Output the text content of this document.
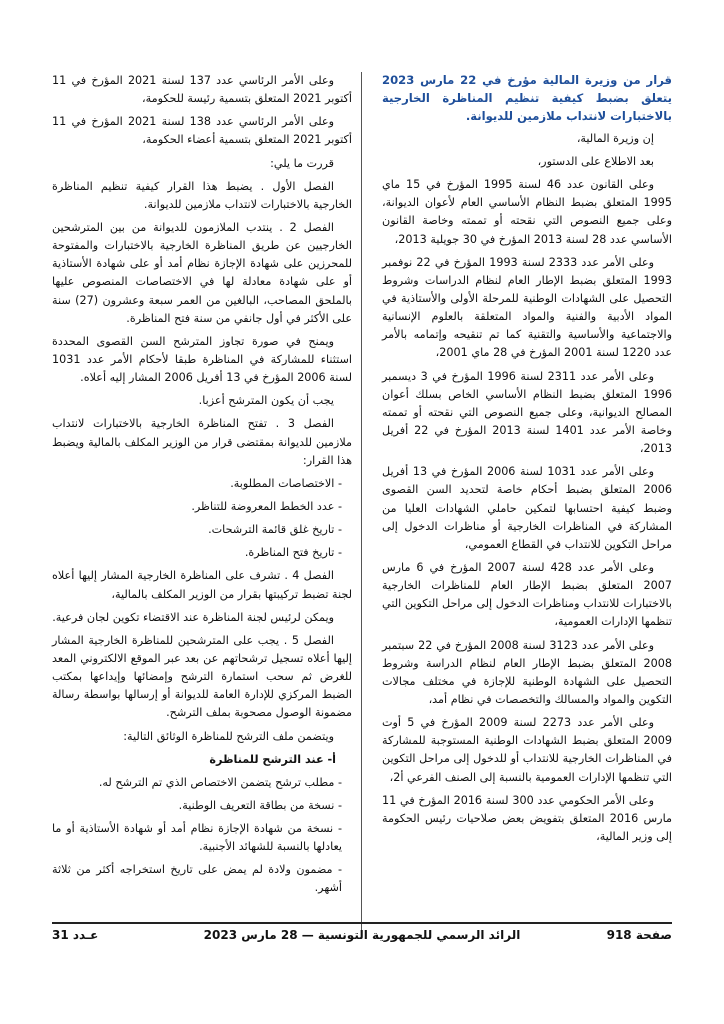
قرار من وزيرة المالية مؤرخ في 22 مارس 2023 يتعلق بضبط كيفية تنظيم المناظرة الخارجية بالاختبارات لانتداب ملازمين للديوانة.

إن وزيرة المالية،

بعد الاطلاع على الدستور،

وعلى القانون عدد 46 لسنة 1995 المؤرخ في 15 ماي 1995 المتعلق بضبط النظام الأساسي العام لأعوان الديوانة، وعلى جميع النصوص التي نقحته أو تممته وخاصة القانون الأساسي عدد 28 لسنة 2013 المؤرخ في 30 جويلية 2013،

وعلى الأمر عدد 2333 لسنة 1993 المؤرخ في 22 نوفمبر 1993 المتعلق بضبط الإطار العام لنظام الدراسات وشروط التحصيل على الشهادات الوطنية للمرحلة الأولى والأستاذية في المواد الأدبية والفنية والمواد المتعلقة بالعلوم الإنسانية والاجتماعية والأساسية والتقنية كما تم تنقيحه وإتمامه بالأمر عدد 1220 لسنة 2001 المؤرخ في 28 ماي 2001،

وعلى الأمر عدد 2311 لسنة 1996 المؤرخ في 3 ديسمبر 1996 المتعلق بضبط النظام الأساسي الخاص بسلك أعوان المصالح الديوانية، وعلى جميع النصوص التي نقحته أو تممته وخاصة الأمر عدد 1401 لسنة 2013 المؤرخ في 22 أفريل 2013،

وعلى الأمر عدد 1031 لسنة 2006 المؤرخ في 13 أفريل 2006 المتعلق بضبط أحكام خاصة لتحديد السن القصوى وضبط كيفية احتسابها لتمكين حاملي الشهادات العليا من المشاركة في المناظرات الخارجية أو مناظرات الدخول إلى مراحل التكوين للانتداب في القطاع العمومي،

وعلى الأمر عدد 428 لسنة 2007 المؤرخ في 6 مارس 2007 المتعلق بضبط الإطار العام للمناظرات الخارجية بالاختبارات للانتداب ومناظرات الدخول إلى مراحل التكوين التي تنظمها الإدارات العمومية،

وعلى الأمر عدد 3123 لسنة 2008 المؤرخ في 22 سبتمبر 2008 المتعلق بضبط الإطار العام لنظام الدراسة وشروط التحصيل على الشهادة الوطنية للإجازة في مختلف مجالات التكوين والمواد والمسالك والتخصصات في نظام أمد،

وعلى الأمر عدد 2273 لسنة 2009 المؤرخ في 5 أوت 2009 المتعلق بضبط الشهادات الوطنية المستوجبة للمشاركة في المناظرات الخارجية للانتداب أو للدخول إلى مراحل التكوين التي تنظمها الإدارات العمومية بالنسبة إلى الصنف الفرعي أ2،

وعلى الأمر الحكومي عدد 300 لسنة 2016 المؤرخ في 11 مارس 2016 المتعلق بتفويض بعض صلاحيات رئيس الحكومة إلى وزير المالية،

وعلى الأمر الرئاسي عدد 137 لسنة 2021 المؤرخ في 11 أكتوبر 2021 المتعلق بتسمية رئيسة للحكومة،

وعلى الأمر الرئاسي عدد 138 لسنة 2021 المؤرخ في 11 أكتوبر 2021 المتعلق بتسمية أعضاء الحكومة،

قررت ما يلي:

الفصل الأول . يضبط هذا القرار كيفية تنظيم المناظرة الخارجية بالاختبارات لانتداب ملازمين للديوانة.

الفصل 2 . ينتدب الملازمون للديوانة من بين المترشحين الخارجيين عن طريق المناظرة الخارجية بالاختبارات والمفتوحة للمحرزين على شهادة الإجازة نظام أمد أو على شهادة الأستاذية أو على شهادة معادلة لها في الاختصاصات المنصوص عليها بالملحق المصاحب، البالغين من العمر سبعة وعشرون (27) سنة على الأكثر في أول جانفي من سنة فتح المناظرة.

ويمنح في صورة تجاوز المترشح السن القصوى المحددة استثناء للمشاركة في المناظرة طبقا لأحكام الأمر عدد 1031 لسنة 2006 المؤرخ في 13 أفريل 2006 المشار إليه أعلاه.

يجب أن يكون المترشح أعزبا.

الفصل 3 . تفتح المناظرة الخارجية بالاختبارات لانتداب ملازمين للديوانة بمقتضى قرار من الوزير المكلف بالمالية ويضبط هذا القرار:

- الاختصاصات المطلوبة.

- عدد الخطط المعروضة للتناظر.

- تاريخ غلق قائمة الترشحات.

- تاريخ فتح المناظرة.

الفصل 4 . تشرف على المناظرة الخارجية المشار إليها أعلاه لجنة تضبط تركيبتها بقرار من الوزير المكلف بالمالية،

ويمكن لرئيس لجنة المناظرة عند الاقتضاء تكوين لجان فرعية.

الفصل 5 . يجب على المترشحين للمناظرة الخارجية المشار إليها أعلاه تسجيل ترشحاتهم عن بعد عبر الموقع الالكتروني المعد للغرض ثم سحب استمارة الترشح وإمضائها وإيداعها بمكتب الضبط المركزي للإدارة العامة للديوانة أو إرسالها بواسطة رسالة مضمونة الوصول مصحوبة بملف الترشح.

ويتضمن ملف الترشح للمناظرة الوثائق التالية:

أ- عند الترشح للمناظرة

- مطلب ترشح يتضمن الاختصاص الذي تم الترشح له.

- نسخة من بطاقة التعريف الوطنية.

- نسخة من شهادة الإجازة نظام أمد أو شهادة الأستاذية أو ما يعادلها بالنسبة للشهائد الأجنبية.

- مضمون ولادة لم يمض على تاريخ استخراجه أكثر من ثلاثة أشهر.

صفحة 918
الرائد الرسمي للجمهورية التونسية — 28 مارس 2023
عـدد 31
